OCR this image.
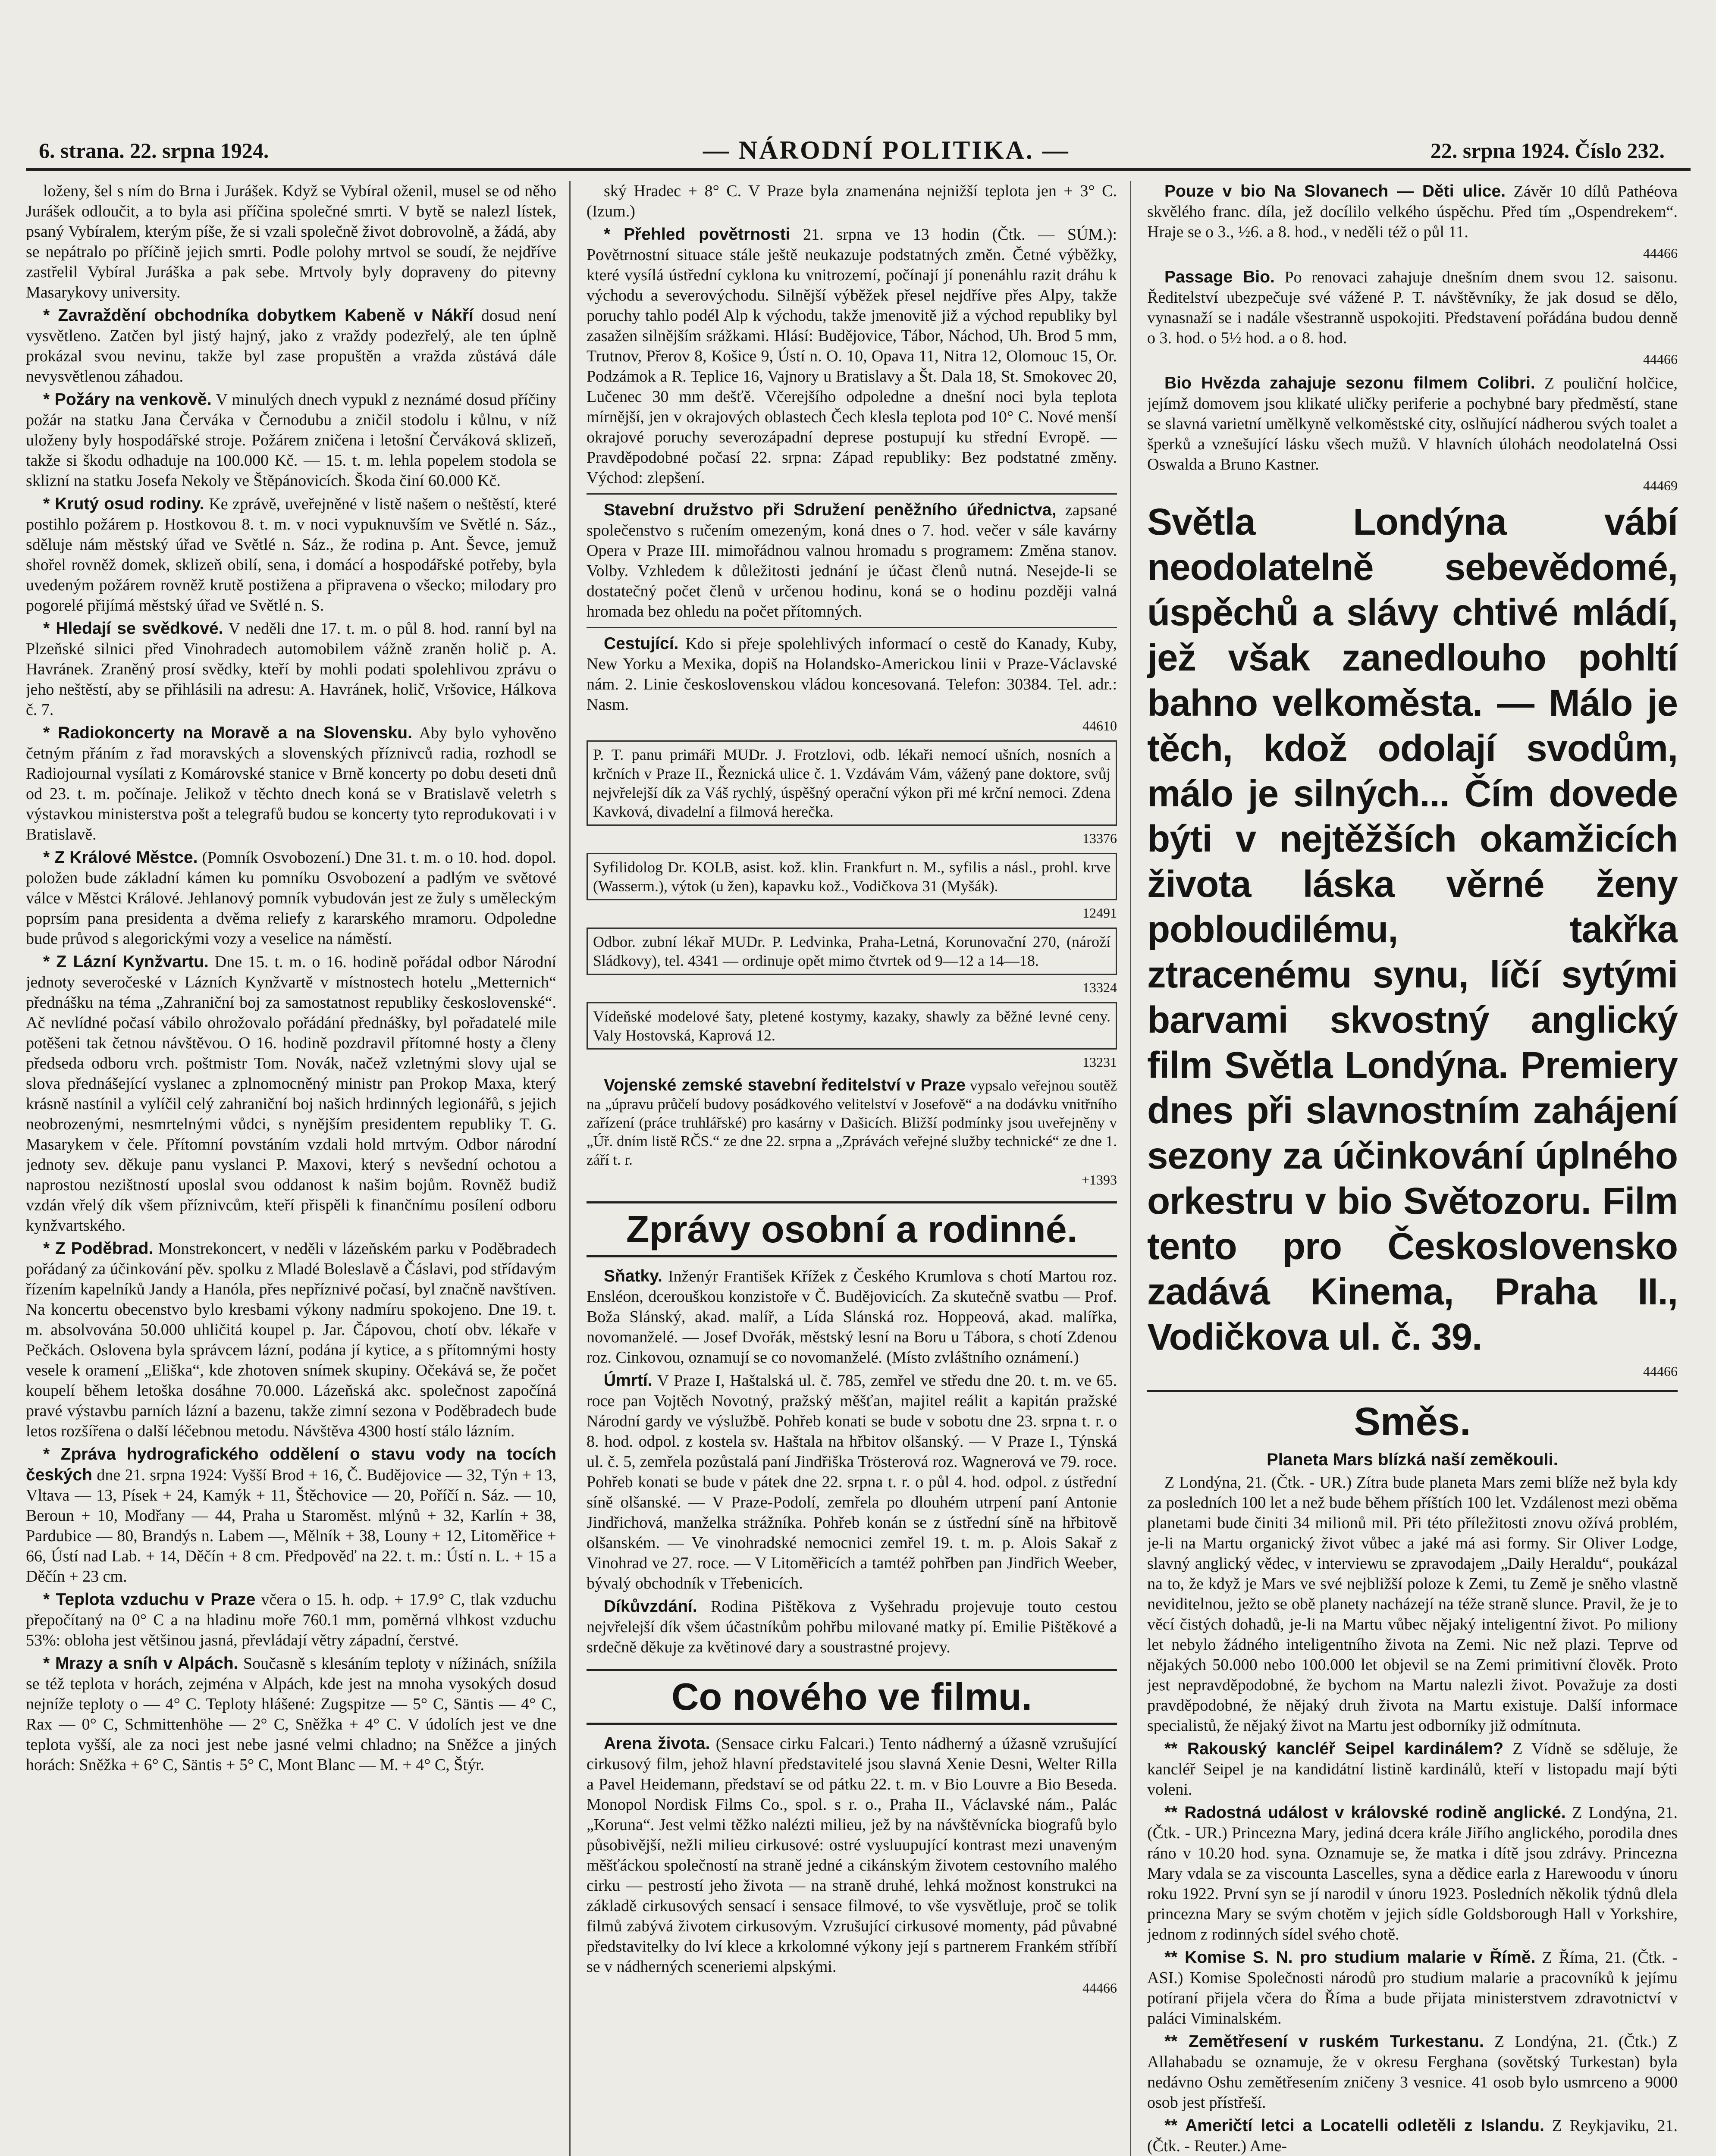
6. strana. 22. srpna 1924.	— NÁRODNÍ POLITIKA. —	22. srpna 1924. Číslo 232.

loženy, šel s ním do Brna i Jurášek. Když se Vybíral oženil, musel se od něho Jurášek odloučit, a to byla asi příčina společné smrti. V bytě se nalezl lístek, psaný Vybíralem, kterým píše, že si vzali společně život dobrovolně, a žádá, aby se nepátralo po příčině jejich smrti. Podle polohy mrtvol se soudí, že nejdříve zastřelil Vybíral Juráška a pak sebe. Mrtvoly byly dopraveny do pitevny Masarykovy university.

* Zavraždění obchodníka dobytkem Kabeně v Nákří dosud není vysvětleno. Zatčen byl jistý hajný, jako z vraždy podezřelý, ale ten úplně prokázal svou nevinu, takže byl zase propuštěn a vražda zůstává dále nevysvětlenou záhadou.

* Požáry na venkově. V minulých dnech vypukl z neznámé dosud příčiny požár na statku Jana Červáka v Černodubu a zničil stodolu i kůlnu, v níž uloženy byly hospodářské stroje. Požárem zničena i letošní Červáková sklizeň, takže si škodu odhaduje na 100.000 Kč. — 15. t. m. lehla popelem stodola se sklizní na statku Josefa Nekoly ve Štěpánovicích. Škoda činí 60.000 Kč.

* Krutý osud rodiny. Ke zprávě, uveřejněné v listě našem o neštěstí, které postihlo požárem p. Hostkovou 8. t. m. v noci vypuknuvším ve Světlé n. Sáz., sděluje nám městský úřad ve Světlé n. Sáz., že rodina p. Ant. Ševce, jemuž shořel rovněž domek, sklizeň obilí, sena, i domácí a hospodářské potřeby, byla uvedeným požárem rovněž krutě postižena a připravena o všecko; milodary pro pogorelé přijímá městský úřad ve Světlé n. S.

* Hledají se svědkové. V neděli dne 17. t. m. o půl 8. hod. ranní byl na Plzeňské silnici před Vinohradech automobilem vážně zraněn holič p. A. Havránek. Zraněný prosí svědky, kteří by mohli podati spolehlivou zprávu o jeho neštěstí, aby se přihlásili na adresu: A. Havránek, holič, Vršovice, Hálkova č. 7.

* Radiokoncerty na Moravě a na Slovensku. Aby bylo vyhověno četným přáním z řad moravských a slovenských příznivců radia, rozhodl se Radiojournal vysílati z Komárovské stanice v Brně koncerty po dobu deseti dnů od 23. t. m. počínaje. Jelikož v těchto dnech koná se v Bratislavě veletrh s výstavkou ministerstva pošt a telegrafů budou se koncerty tyto reprodukovati i v Bratislavě.

* Z Králové Městce. (Pomník Osvobození.) Dne 31. t. m. o 10. hod. dopol. položen bude základní kámen ku pomníku Osvobození a padlým ve světové válce v Městci Králové. Jehlanový pomník vybudován jest ze žuly s uměleckým poprsím pana presidenta a dvěma reliefy z kararského mramoru. Odpoledne bude průvod s alegorickými vozy a veselice na náměstí.

* Z Lázní Kynžvartu. Dne 15. t. m. o 16. hodině pořádal odbor Národní jednoty severočeské v Lázních Kynžvartě v místnostech hotelu „Metternich“ přednášku na téma „Zahraniční boj za samostatnost republiky československé“. Ač nevlídné počasí vábilo ohrožovalo pořádání přednášky, byl pořadatelé mile potěšeni tak četnou návštěvou. O 16. hodině pozdravil přítomné hosty a členy předseda odboru vrch. poštmistr Tom. Novák, načež vzletnými slovy ujal se slova přednášející vyslanec a zplnomocněný ministr pan Prokop Maxa, který krásně nastínil a vylíčil celý zahraniční boj našich hrdinných legionářů, s jejich neobrozenými, nesmrtelnými vůdci, s nynějším presidentem republiky T. G. Masarykem v čele. Přítomní povstáním vzdali hold mrtvým. Odbor národní jednoty sev. děkuje panu vyslanci P. Maxovi, který s nevšední ochotou a naprostou nezištností uposlal svou oddanost k našim bojům. Rovněž budiž vzdán vřelý dík všem příznivcům, kteří přispěli k finančnímu posílení odboru kynžvartského.

* Z Poděbrad. Monstrekoncert, v neděli v lázeňském parku v Poděbradech pořádaný za účinkování pěv. spolku z Mladé Boleslavě a Čáslavi, pod střídavým řízením kapelníků Jandy a Hanóla, přes nepříznivé počasí, byl značně navštíven. Na koncertu obecenstvo bylo kresbami výkony nadmíru spokojeno. Dne 19. t. m. absolvována 50.000 uhličitá koupel p. Jar. Čápovou, chotí obv. lékaře v Pečkách. Oslovena byla správcem lázní, podána jí kytice, a s přítomnými hosty vesele k oramení „Eliška“, kde zhotoven snímek skupiny. Očekává se, že počet koupelí během letoška dosáhne 70.000. Lázeňská akc. společnost započíná pravé výstavbu parních lázní a bazenu, takže zimní sezona v Poděbradech bude letos rozšířena o další léčebnou metodu. Návštěva 4300 hostí stálo lázním.

* Zpráva hydrografického oddělení o stavu vody na tocích českých dne 21. srpna 1924: Vyšší Brod + 16, Č. Budějovice — 32, Týn + 13, Vltava — 13, Písek + 24, Kamýk + 11, Štěchovice — 20, Poříčí n. Sáz. — 10, Beroun + 10, Modřany — 44, Praha u Staroměst. mlýnů + 32, Karlín + 38, Pardubice — 80, Brandýs n. Labem —, Mělník + 38, Louny + 12, Litoměřice + 66, Ústí nad Lab. + 14, Děčín + 8 cm. Předpověď na 22. t. m.: Ústí n. L. + 15 a Děčín + 23 cm.

* Teplota vzduchu v Praze včera o 15. h. odp. + 17.9° C, tlak vzduchu přepočítaný na 0° C a na hladinu moře 760.1 mm, poměrná vlhkost vzduchu 53%: obloha jest většinou jasná, převládají větry západní, čerstvé.

* Mrazy a sníh v Alpách. Současně s klesáním teploty v nížinách, snížila se též teplota v horách, zejména v Alpách, kde jest na mnoha vysokých dosud nejníže teploty o — 4° C. Teploty hlášené: Zugspitze — 5° C, Säntis — 4° C, Rax — 0° C, Schmittenhöhe — 2° C, Sněžka + 4° C. V údolích jest ve dne teplota vyšší, ale za noci jest nebe jasné velmi chladno; na Sněžce a jiných horách: Sněžka + 6° C, Säntis + 5° C, Mont Blanc — M. + 4° C, Štýr.

ský Hradec + 8° C. V Praze byla znamenána nejnižší teplota jen + 3° C. (Izum.)

* Přehled povětrnosti 21. srpna ve 13 hodin (Čtk. — SÚM.): Povětrnostní situace stále ještě neukazuje podstatných změn. Četné výběžky, které vysílá ústřední cyklona ku vnitrozemí, počínají jí ponenáhlu razit dráhu k východu a severovýchodu. Silnější výběžek přesel nejdříve přes Alpy, takže poruchy tahlo podél Alp k východu, takže jmenovitě již a východ republiky byl zasažen silnějším srážkami. Hlásí: Budějovice, Tábor, Náchod, Uh. Brod 5 mm, Trutnov, Přerov 8, Košice 9, Ústí n. O. 10, Opava 11, Nitra 12, Olomouc 15, Or. Podzámok a R. Teplice 16, Vajnory u Bratislavy a Št. Dala 18, St. Smokovec 20, Lučenec 30 mm dešťě. Včerejšího odpoledne a dnešní noci byla teplota mírnější, jen v okrajových oblastech Čech klesla teplota pod 10° C. Nové menší okrajové poruchy severozápadní deprese postupují ku střední Evropě. — Pravděpodobné počasí 22. srpna: Západ republiky: Bez podstatné změny. Východ: zlepšení.

Stavební družstvo při Sdružení peněžního úřednictva, zapsané společenstvo s ručením omezeným, koná dnes o 7. hod. večer v sále kavárny Opera v Praze III. mimořádnou valnou hromadu s programem: Změna stanov. Volby. Vzhledem k důležitosti jednání je účast členů nutná. Nesejde-li se dostatečný počet členů v určenou hodinu, koná se o hodinu později valná hromada bez ohledu na počet přítomných.

Cestující. Kdo si přeje spolehlivých informací o cestě do Kanady, Kuby, New Yorku a Mexika, dopiš na Holandsko-Americkou linii v Praze-Václavské nám. 2. Linie československou vládou koncesovaná. Telefon: 30384. Tel. adr.: Nasm.

44610
P. T. panu primáři MUDr. J. Frotzlovi, odb. lékaři nemocí ušních, nosních a krčních v Praze II., Řeznická ulice č. 1. Vzdávám Vám, vážený pane doktore, svůj nejvřelejší dík za Váš rychlý, úspěšný operační výkon při mé krční nemoci. Zdena Kavková, divadelní a filmová herečka.
13376
Syfilidolog Dr. KOLB, asist. kož. klin. Frankfurt n. M., syfilis a násl., prohl. krve (Wasserm.), výtok (u žen), kapavku kož., Vodičkova 31 (Myšák).
12491
Odbor. zubní lékař MUDr. P. Ledvinka, Praha-Letná, Korunovační 270, (nároží Sládkovy), tel. 4341 — ordinuje opět mimo čtvrtek od 9—12 a 14—18.
13324
Vídeňské modelové šaty, pletené kostymy, kazaky, shawly za běžné levné ceny. Valy Hostovská, Kaprová 12.
13231

Vojenské zemské stavební ředitelství v Praze vypsalo veřejnou soutěž na „úpravu průčelí budovy posádkového velitelství v Josefově“ a na dodávku vnitřního zařízení (práce truhlářské) pro kasárny v Dašicích. Bližší podmínky jsou uveřejněny v „Úř. dním listě RČS.“ ze dne 22. srpna a „Zprávách veřejné služby technické“ ze dne 1. září t. r.

+1393
Zprávy osobní a rodinné.

Sňatky. Inženýr František Křížek z Českého Krumlova s chotí Martou roz. Ensléon, dcerouškou konzistoře v Č. Budějovicích. Za skutečně svatbu — Prof. Boža Slánský, akad. malíř, a Lída Slánská roz. Hoppeová, akad. malířka, novomanželé. — Josef Dvořák, městský lesní na Boru u Tábora, s chotí Zdenou roz. Cinkovou, oznamují se co novomanželé. (Místo zvláštního oznámení.)

Úmrtí. V Praze I, Haštalská ul. č. 785, zemřel ve středu dne 20. t. m. ve 65. roce pan Vojtěch Novotný, pražský měšťan, majitel reálit a kapitán pražské Národní gardy ve výslužbě. Pohřeb konati se bude v sobotu dne 23. srpna t. r. o 8. hod. odpol. z kostela sv. Haštala na hřbitov olšanský. — V Praze I., Týnská ul. č. 5, zemřela pozůstalá paní Jindřiška Trösterová roz. Wagnerová ve 79. roce. Pohřeb konati se bude v pátek dne 22. srpna t. r. o půl 4. hod. odpol. z ústřední síně olšanské. — V Praze-Podolí, zemřela po dlouhém utrpení paní Antonie Jindřichová, manželka strážníka. Pohřeb konán se z ústřední síně na hřbitově olšanském. — Ve vinohradské nemocnici zemřel 19. t. m. p. Alois Sakař z Vinohrad ve 27. roce. — V Litoměřicích a tamtéž pohřben pan Jindřich Weeber, bývalý obchodník v Třebenicích.

Díkůvzdání. Rodina Pištěkova z Vyšehradu projevuje touto cestou nejvřelejší dík všem účastníkům pohřbu milované matky pí. Emilie Pištěkové a srdečně děkuje za květinové dary a soustrastné projevy.

Co nového ve filmu.

Arena života. (Sensace cirku Falcari.) Tento nádherný a úžasně vzrušující cirkusový film, jehož hlavní představitelé jsou slavná Xenie Desni, Welter Rilla a Pavel Heidemann, představí se od pátku 22. t. m. v Bio Louvre a Bio Beseda. Monopol Nordisk Films Co., spol. s r. o., Praha II., Václavské nám., Palác „Koruna“. Jest velmi těžko nalézti milieu, jež by na návštěvnícka biografů bylo působivější, nežli milieu cirkusové: ostré vysluupující kontrast mezi unaveným měšťáckou společností na straně jedné a cikánským životem cestovního malého cirku — pestrostí jeho života — na straně druhé, lehká možnost konstrukci na základě cirkusových sensací i sensace filmové, to vše vysvětluje, proč se tolik filmů zabývá životem cirkusovým. Vzrušující cirkusové momenty, pád půvabné představitelky do lví klece a krkolomné výkony její s partnerem Frankém stříbří se v nádherných sceneriemi alpskými.

44466

Pouze v bio Na Slovanech — Děti ulice. Závěr 10 dílů Pathéova skvělého franc. díla, jež docílilo velkého úspěchu. Před tím „Ospendrekem“. Hraje se o 3., ½6. a 8. hod., v neděli též o půl 11.

44466

Passage Bio. Po renovaci zahajuje dnešním dnem svou 12. saisonu. Ředitelství ubezpečuje své vážené P. T. návštěvníky, že jak dosud se dělo, vynasnaží se i nadále všestranně uspokojiti. Představení pořádána budou denně o 3. hod. o 5½ hod. a o 8. hod.

44466

Bio Hvězda zahajuje sezonu filmem Colibri. Z pouliční holčice, jejímž domovem jsou klikaté uličky periferie a pochybné bary předměstí, stane se slavná varietní umělkyně velkoměstské city, oslňující nádherou svých toalet a šperků a vznešující lásku všech mužů. V hlavních úlohách neodolatelná Ossi Oswalda a Bruno Kastner.

44469
Světla Londýna vábí neodolatelně sebevědomé, úspěchů a slávy chtivé mládí, jež však zanedlouho pohltí bahno velkoměsta. — Málo je těch, kdož odolají svodům, málo je silných... Čím dovede býti v nejtěžších okamžicích života láska věrné ženy pobloudilému, takřka ztracenému synu, líčí sytými barvami skvostný anglický film Světla Londýna. Premiery dnes při slavnostním zahájení sezony za účinkování úplného orkestru v bio Světozoru. Film tento pro Československo zadává Kinema, Praha II., Vodičkova ul. č. 39.
44466
Směs.
Planeta Mars blízká naší zeměkouli.

Z Londýna, 21. (Čtk. - UR.) Zítra bude planeta Mars zemi blíže než byla kdy za posledních 100 let a než bude během příštích 100 let. Vzdálenost mezi oběma planetami bude činiti 34 milionů mil. Při této příležitosti znovu ožívá problém, je-li na Martu organický život vůbec a jaké má asi formy. Sir Oliver Lodge, slavný anglický vědec, v interviewu se zpravodajem „Daily Heraldu“, poukázal na to, že když je Mars ve své nejbližší poloze k Zemi, tu Země je sněho vlastně neviditelnou, ježto se obě planety nacházejí na téže straně slunce. Pravil, že je to věcí čistých dohadů, je-li na Martu vůbec nějaký inteligentní život. Po miliony let nebylo žádného inteligentního života na Zemi. Nic než plazi. Teprve od nějakých 50.000 nebo 100.000 let objevil se na Zemi primitivní člověk. Proto jest nepravděpodobné, že bychom na Martu nalezli život. Považuje za dosti pravděpodobné, že nějaký druh života na Martu existuje. Další informace specialistů, že nějaký život na Martu jest odborníky již odmítnuta.

** Rakouský kancléř Seipel kardinálem? Z Vídně se sděluje, že kancléř Seipel je na kandidátní listině kardinálů, kteří v listopadu mají býti voleni.

** Radostná událost v královské rodině anglické. Z Londýna, 21. (Čtk. - UR.) Princezna Mary, jediná dcera krále Jiřího anglického, porodila dnes ráno v 10.20 hod. syna. Oznamuje se, že matka i dítě jsou zdrávy. Princezna Mary vdala se za viscounta Lascelles, syna a dědice earla z Harewoodu v únoru roku 1922. První syn se jí narodil v únoru 1923. Posledních několik týdnů dlela princezna Mary se svým chotěm v jejich sídle Goldsborough Hall v Yorkshire, jednom z rodinných sídel svého chotě.

** Komise S. N. pro studium malarie v Římě. Z Říma, 21. (Čtk. - ASI.) Komise Společnosti národů pro studium malarie a pracovníků k jejímu potíraní přijela včera do Říma a bude přijata ministerstvem zdravotnictví v paláci Viminalském.

** Zemětřesení v ruském Turkestanu. Z Londýna, 21. (Čtk.) Z Allahabadu se oznamuje, že v okresu Ferghana (sovětský Turkestan) byla nedávno Oshu zemětřesením zničeny 3 vesnice. 41 osob bylo usmrceno a 9000 osob jest přístřeší.

** Američtí letci a Locatelli odletěli z Islandu. Z Reykjaviku, 21. (Čtk. - Reuter.) Ame-
